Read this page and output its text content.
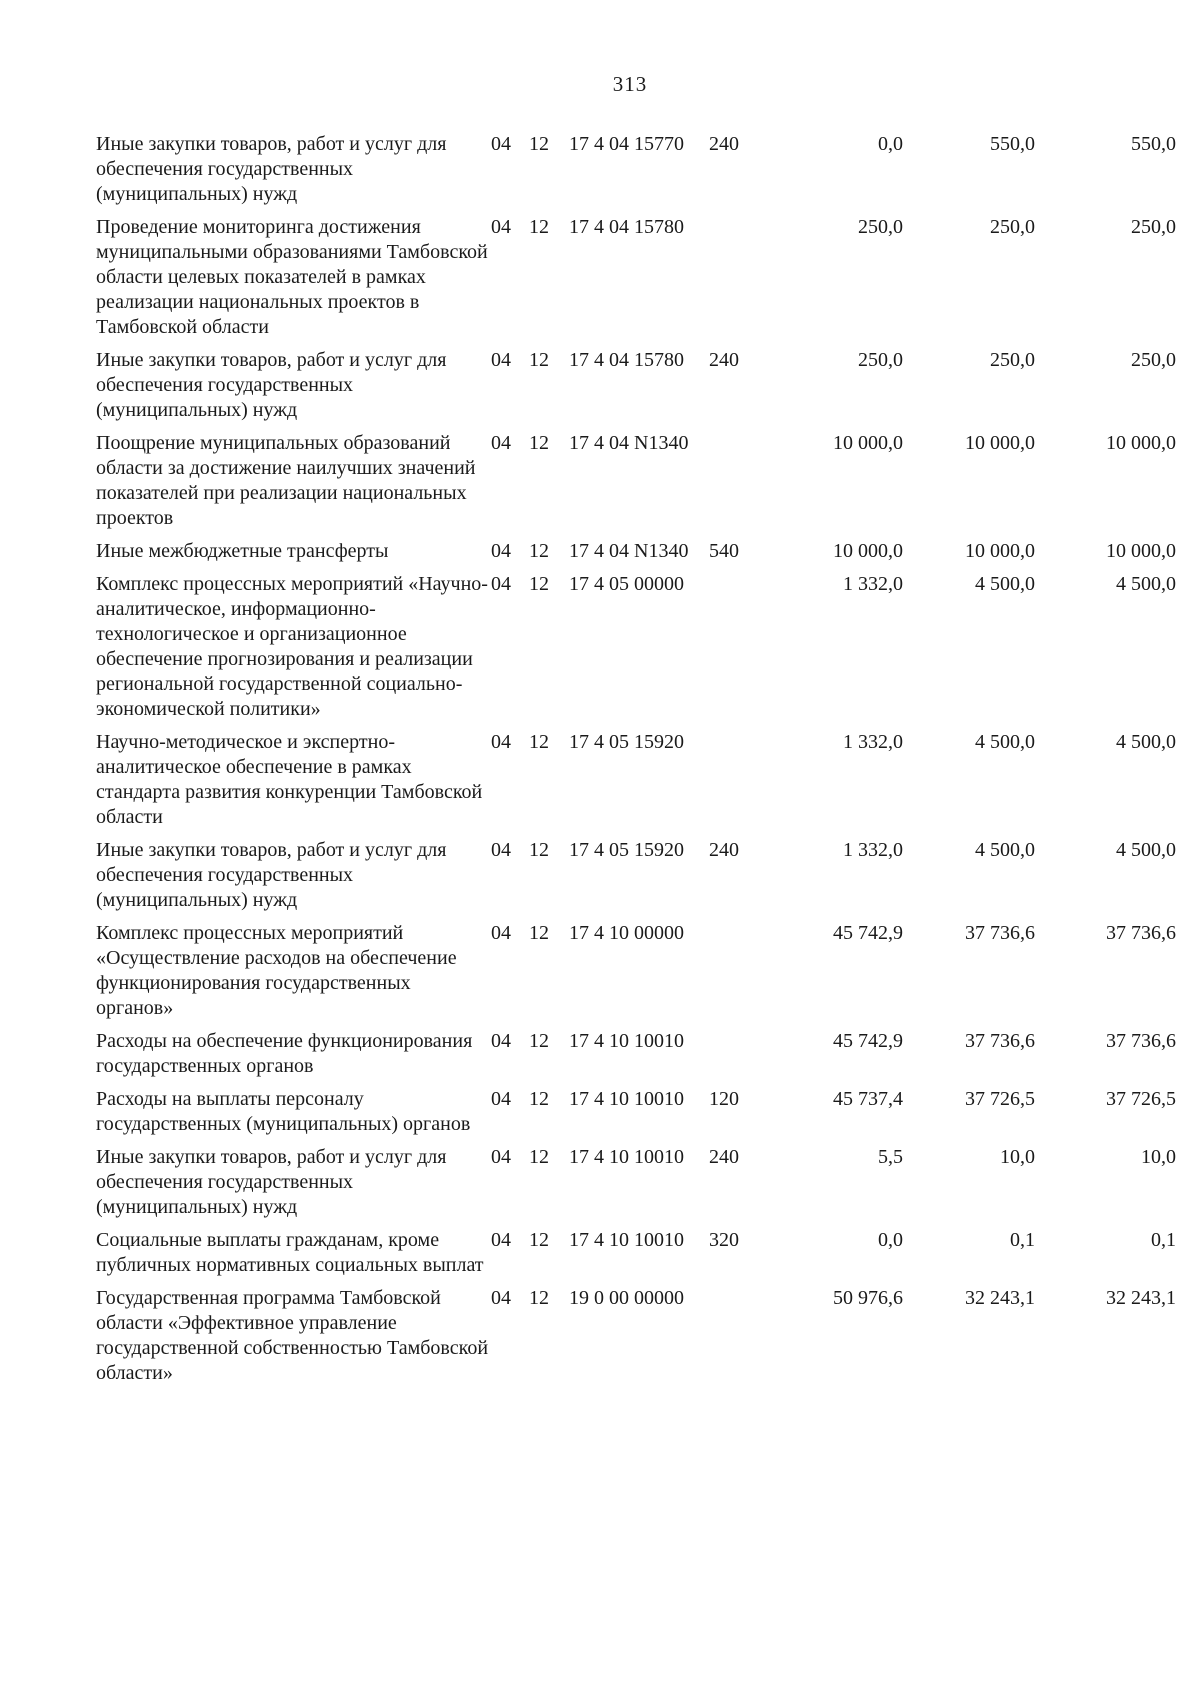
313
Иные закупки товаров, работ и услуг для обеспечения государственных (муниципальных) нужд	04	12	17 4 04 15770	240	0,0	550,0	550,0
Проведение мониторинга достижения муниципальными образованиями Тамбовской области целевых показателей в рамках реализации национальных проектов в Тамбовской области	04	12	17 4 04 15780		250,0	250,0	250,0
Иные закупки товаров, работ и услуг для обеспечения государственных (муниципальных) нужд	04	12	17 4 04 15780	240	250,0	250,0	250,0
Поощрение муниципальных образований области за достижение наилучших значений показателей при реализации национальных проектов	04	12	17 4 04 N1340		10 000,0	10 000,0	10 000,0
Иные межбюджетные трансферты	04	12	17 4 04 N1340	540	10 000,0	10 000,0	10 000,0
Комплекс процессных мероприятий «Научно-аналитическое, информационно-технологическое и организационное обеспечение прогнозирования и реализации региональной государственной социально-экономической политики»	04	12	17 4 05 00000		1 332,0	4 500,0	4 500,0
Научно-методическое и экспертно-аналитическое обеспечение в рамках стандарта развития конкуренции Тамбовской области	04	12	17 4 05 15920		1 332,0	4 500,0	4 500,0
Иные закупки товаров, работ и услуг для обеспечения государственных (муниципальных) нужд	04	12	17 4 05 15920	240	1 332,0	4 500,0	4 500,0
Комплекс процессных мероприятий «Осуществление расходов на обеспечение функционирования государственных органов»	04	12	17 4 10 00000		45 742,9	37 736,6	37 736,6
Расходы на обеспечение функционирования государственных органов	04	12	17 4 10 10010		45 742,9	37 736,6	37 736,6
Расходы на выплаты персоналу государственных (муниципальных) органов	04	12	17 4 10 10010	120	45 737,4	37 726,5	37 726,5
Иные закупки товаров, работ и услуг для обеспечения государственных (муниципальных) нужд	04	12	17 4 10 10010	240	5,5	10,0	10,0
Социальные выплаты гражданам, кроме публичных нормативных социальных выплат	04	12	17 4 10 10010	320	0,0	0,1	0,1
Государственная программа Тамбовской области «Эффективное управление государственной собственностью Тамбовской области»	04	12	19 0 00 00000		50 976,6	32 243,1	32 243,1
